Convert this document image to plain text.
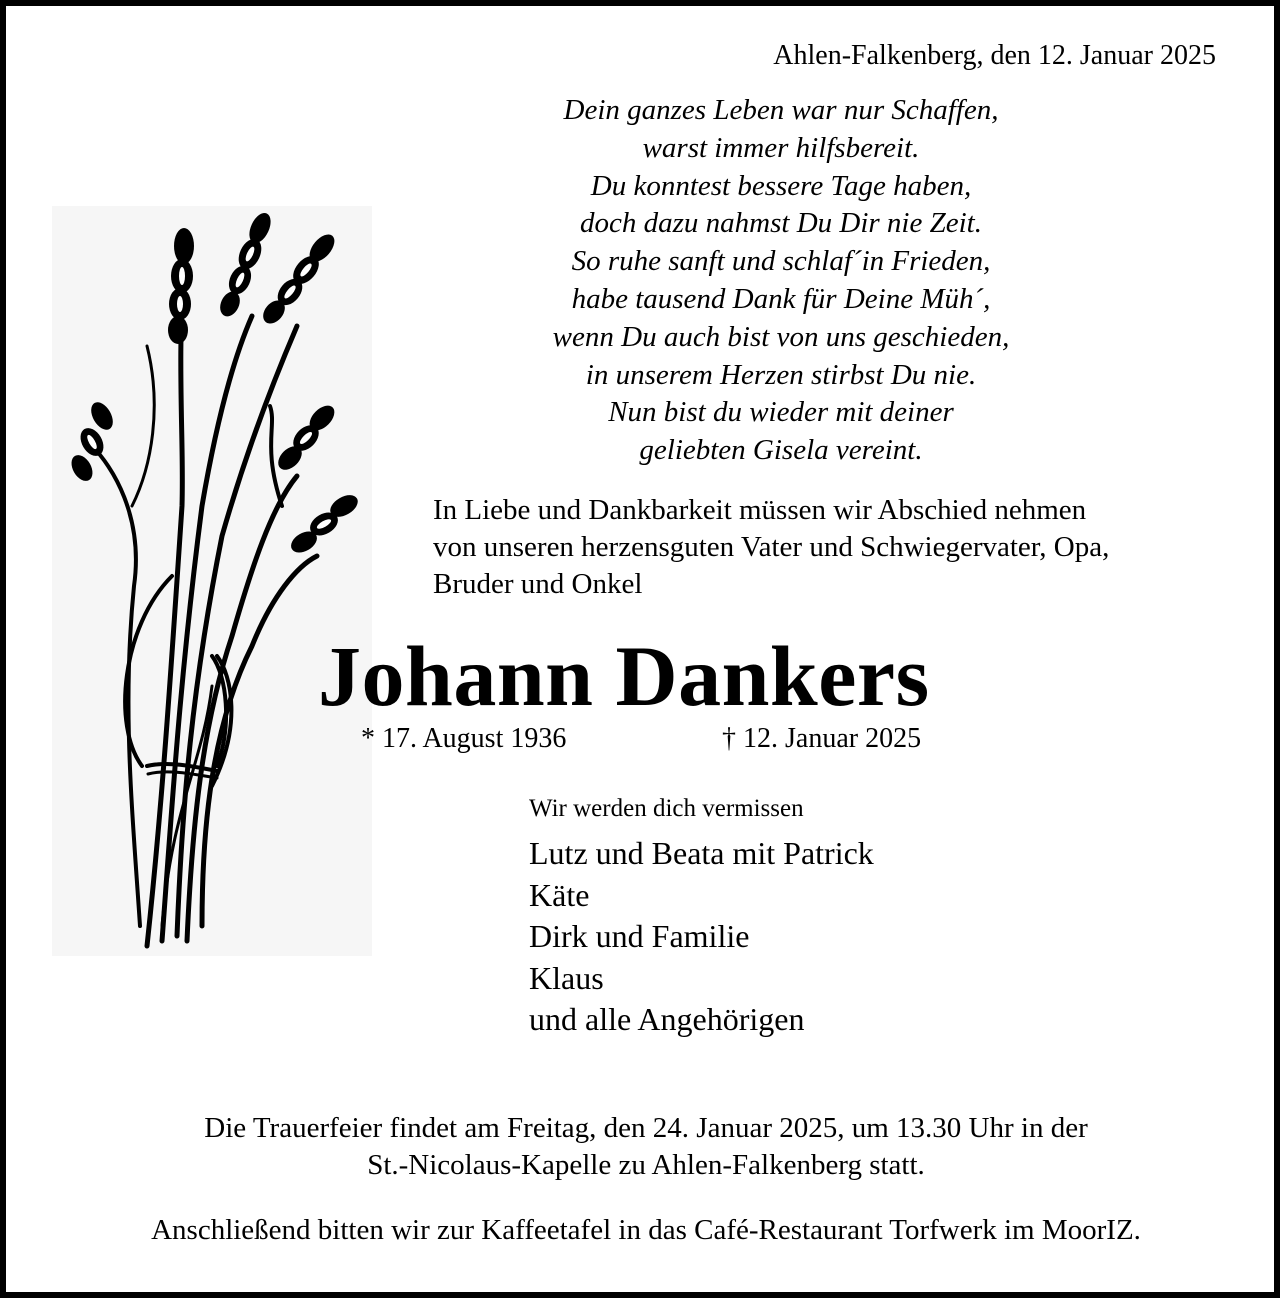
Ahlen-Falkenberg, den 12. Januar 2025
Dein ganzes Leben war nur Schaffen,
warst immer hilfsbereit.
Du konntest bessere Tage haben,
doch dazu nahmst Du Dir nie Zeit.
So ruhe sanft und schlaf´in Frieden,
habe tausend Dank für Deine Müh´,
wenn Du auch bist von uns geschieden,
in unserem Herzen stirbst Du nie.
Nun bist du wieder mit deiner
geliebten Gisela vereint.
In Liebe und Dankbarkeit müssen wir Abschied nehmen
von unseren herzensguten Vater und Schwiegervater, Opa,
Bruder und Onkel
Johann Dankers
* 17. August 1936	† 12. Januar 2025
Wir werden dich vermissen
Lutz und Beata mit Patrick
Käte
Dirk und Familie
Klaus
und alle Angehörigen
Die Trauerfeier findet am Freitag, den 24. Januar 2025, um 13.30 Uhr in der
St.-Nicolaus-Kapelle zu Ahlen-Falkenberg statt.
Anschließend bitten wir zur Kaffeetafel in das Café-Restaurant Torfwerk im MoorIZ.
